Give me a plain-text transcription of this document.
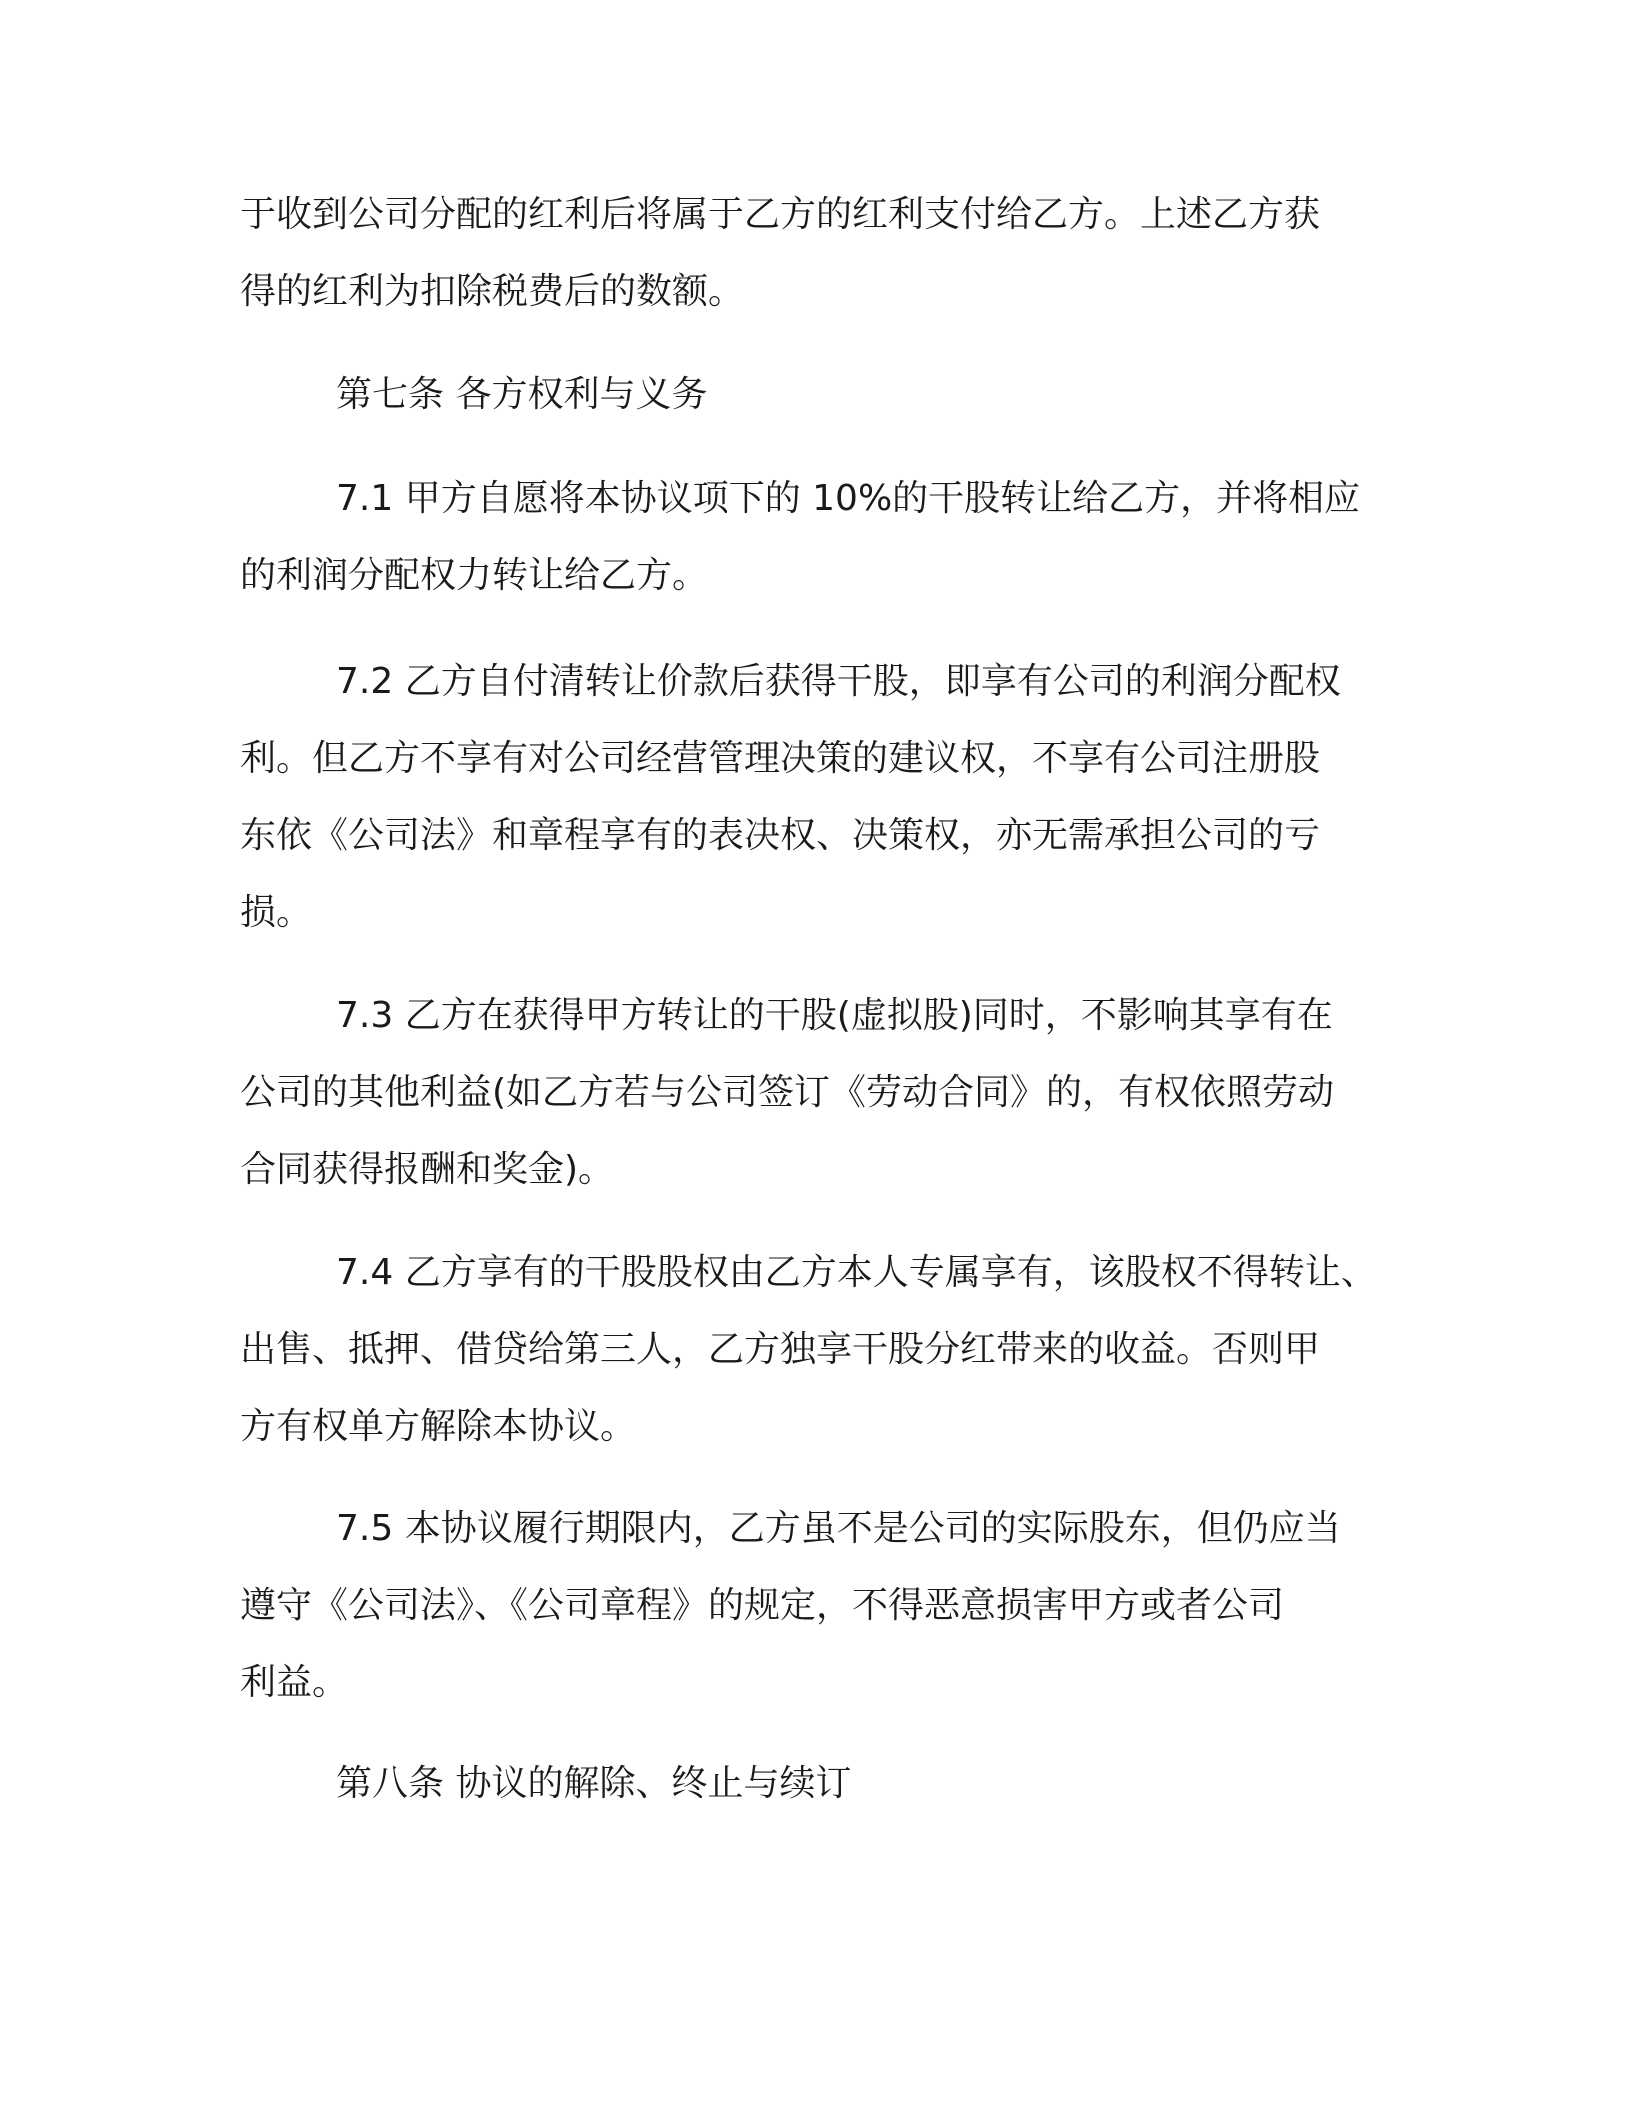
于收到公司分配的红利后将属于乙方的红利支付给乙方。上述乙方获
得的红利为扣除税费后的数额。
第七条 各方权利与义务
7.1 甲方自愿将本协议项下的 10%的干股转让给乙方，并将相应
的利润分配权力转让给乙方。
7.2 乙方自付清转让价款后获得干股，即享有公司的利润分配权
利。但乙方不享有对公司经营管理决策的建议权，不享有公司注册股
东依《公司法》和章程享有的表决权、决策权，亦无需承担公司的亏
损。
7.3 乙方在获得甲方转让的干股(虚拟股)同时，不影响其享有在
公司的其他利益(如乙方若与公司签订《劳动合同》的，有权依照劳动
合同获得报酬和奖金)。
7.4 乙方享有的干股股权由乙方本人专属享有，该股权不得转让、
出售、抵押、借贷给第三人，乙方独享干股分红带来的收益。否则甲
方有权单方解除本协议。
7.5 本协议履行期限内，乙方虽不是公司的实际股东，但仍应当
遵守《公司法》、《公司章程》的规定，不得恶意损害甲方或者公司
利益。
第八条 协议的解除、终止与续订
